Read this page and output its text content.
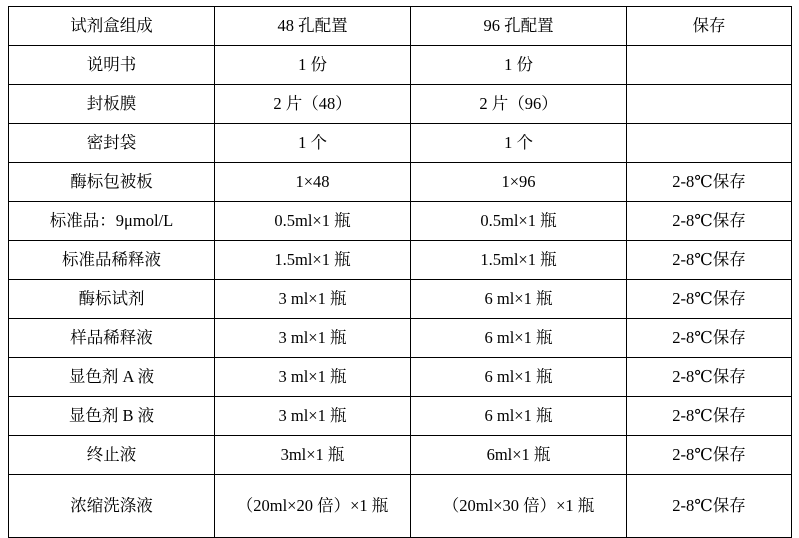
试剂盒组成	48 孔配置	96 孔配置	保存
说明书	1 份	1 份	
封板膜	2 片（48）	2 片（96）	
密封袋	1 个	1 个	
酶标包被板	1×48	1×96	2-8℃保存
标准品：9μmol/L	0.5ml×1 瓶	0.5ml×1 瓶	2-8℃保存
标准品稀释液	1.5ml×1 瓶	1.5ml×1 瓶	2-8℃保存
酶标试剂	3 ml×1 瓶	6 ml×1 瓶	2-8℃保存
样品稀释液	3 ml×1 瓶	6 ml×1 瓶	2-8℃保存
显色剂 A 液	3 ml×1 瓶	6 ml×1 瓶	2-8℃保存
显色剂 B 液	3 ml×1 瓶	6 ml×1 瓶	2-8℃保存
终止液	3ml×1 瓶	6ml×1 瓶	2-8℃保存
浓缩洗涤液	（20ml×20 倍）×1 瓶	（20ml×30 倍）×1 瓶	2-8℃保存
